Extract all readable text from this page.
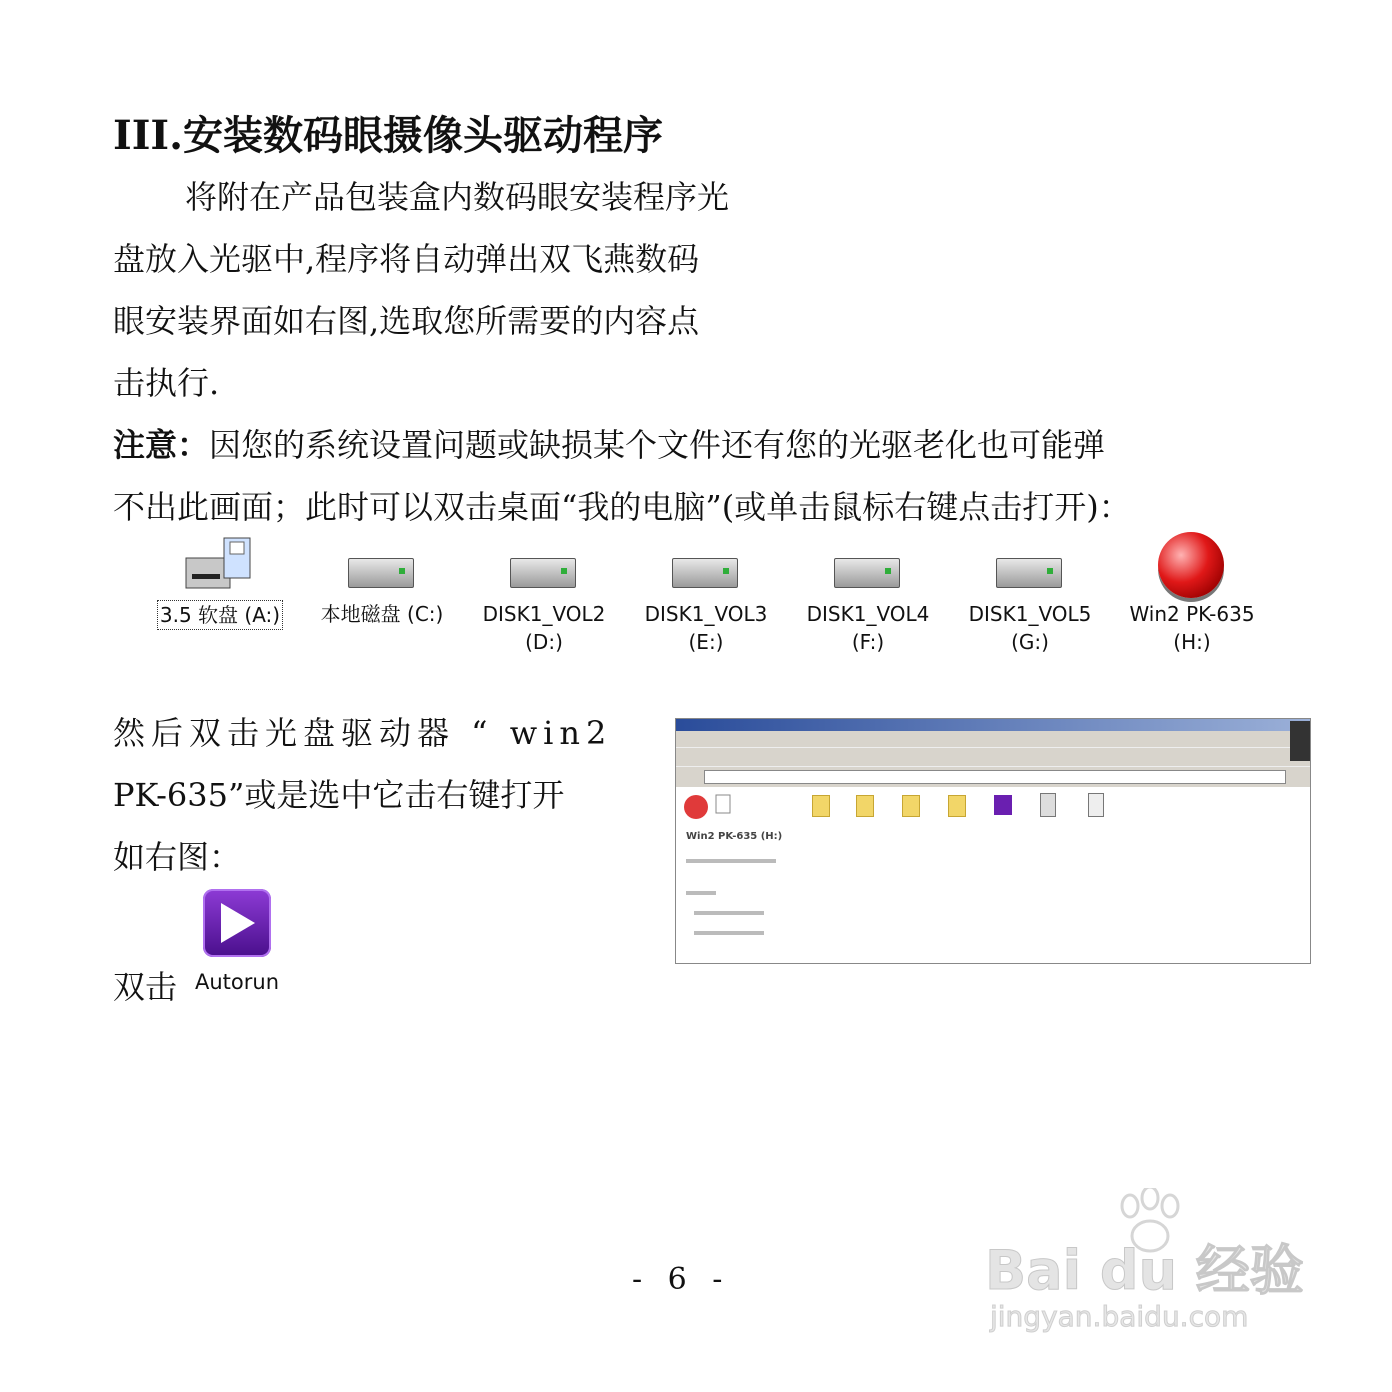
III.安装数码眼摄像头驱动程序
将附在产品包装盒内数码眼安装程序光
盘放入光驱中,程序将自动弹出双飞燕数码
眼安装界面如右图,选取您所需要的内容点
击执行.
注意：因您的系统设置问题或缺损某个文件还有您的光驱老化也可能弹
不出此画面；此时可以双击桌面“我的电脑”(或单击鼠标右键点击打开)：
3.5 软盘 (A:)	本地磁盘 (C:)	DISK1_VOL2
(D:)
DISK1_VOL3
(E:)
DISK1_VOL4
(F:)
DISK1_VOL5
(G:)
Win2 PK-635
(H:)
然后双击光盘驱动器 “ win2
PK-635”或是选中它击右键打开
如右图：
双击 Autorun
Win2 PK-635 (H:)
- 6 -	Bai du 经验
jingyan.baidu.com
